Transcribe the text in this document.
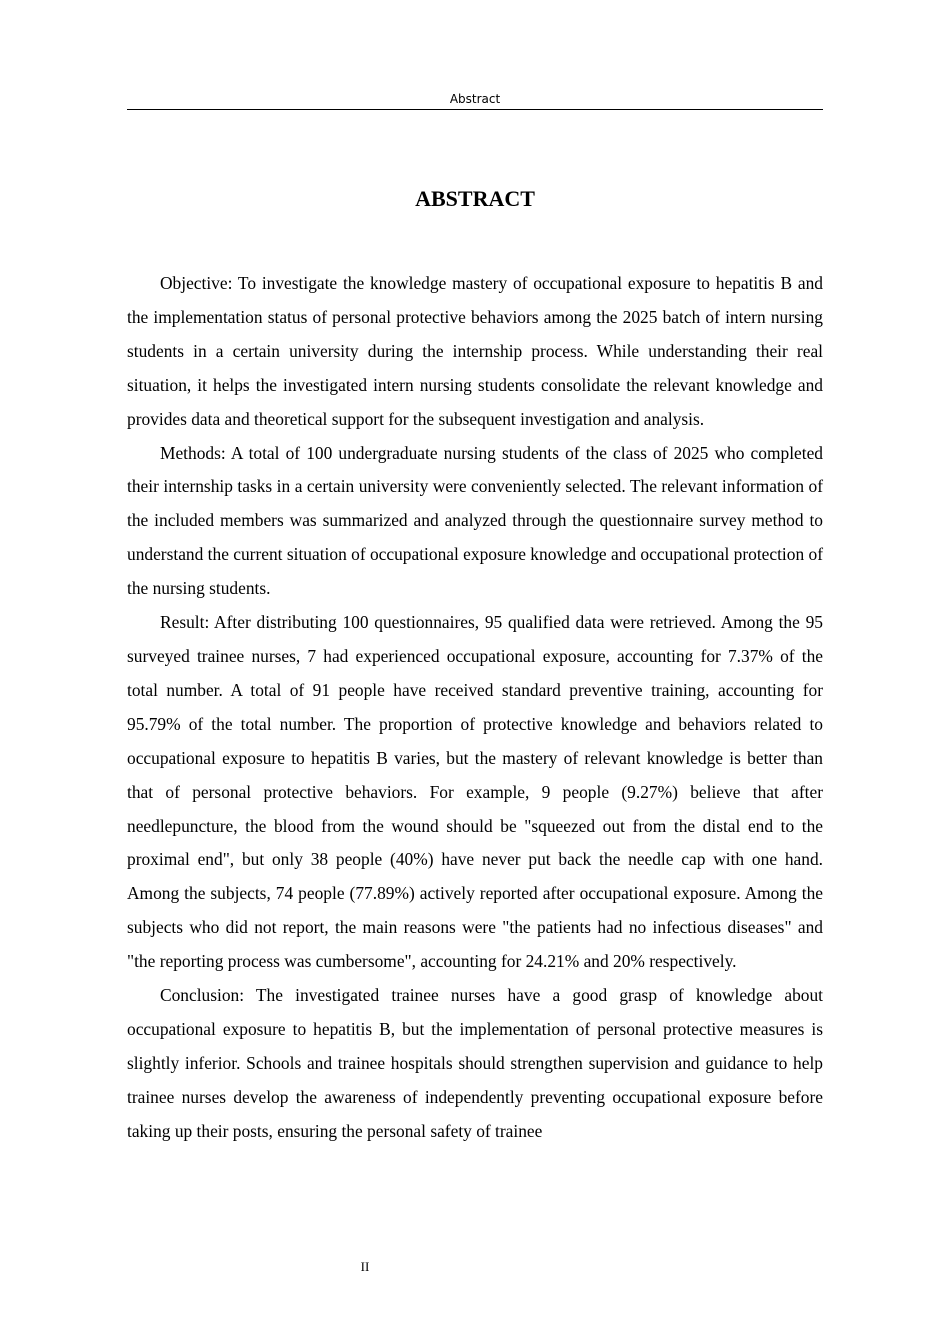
Abstract
ABSTRACT

Objective: To investigate the knowledge mastery of occupational exposure to hepatitis B and the implementation status of personal protective behaviors among the 2025 batch of intern nursing students in a certain university during the internship process. While understanding their real situation, it helps the investigated intern nursing students consolidate the relevant knowledge and provides data and theoretical support for the subsequent investigation and analysis.

Methods: A total of 100 undergraduate nursing students of the class of 2025 who completed their internship tasks in a certain university were conveniently selected. The relevant information of the included members was summarized and analyzed through the questionnaire survey method to understand the current situation of occupational exposure knowledge and occupational protection of the nursing students.

Result: After distributing 100 questionnaires, 95 qualified data were retrieved. Among the 95 surveyed trainee nurses, 7 had experienced occupational exposure, accounting for 7.37% of the total number. A total of 91 people have received standard preventive training, accounting for 95.79% of the total number. The proportion of protective knowledge and behaviors related to occupational exposure to hepatitis B varies, but the mastery of relevant knowledge is better than that of personal protective behaviors. For example, 9 people (9.27%) believe that after needlepuncture, the blood from the wound should be "squeezed out from the distal end to the proximal end", but only 38 people (40%) have never put back the needle cap with one hand. Among the subjects, 74 people (77.89%) actively reported after occupational exposure. Among the subjects who did not report, the main reasons were "the patients had no infectious diseases" and "the reporting process was cumbersome", accounting for 24.21% and 20% respectively.

Conclusion: The investigated trainee nurses have a good grasp of knowledge about occupational exposure to hepatitis B, but the implementation of personal protective measures is slightly inferior. Schools and trainee hospitals should strengthen supervision and guidance to help trainee nurses develop the awareness of independently preventing occupational exposure before taking up their posts, ensuring the personal safety of trainee

II
